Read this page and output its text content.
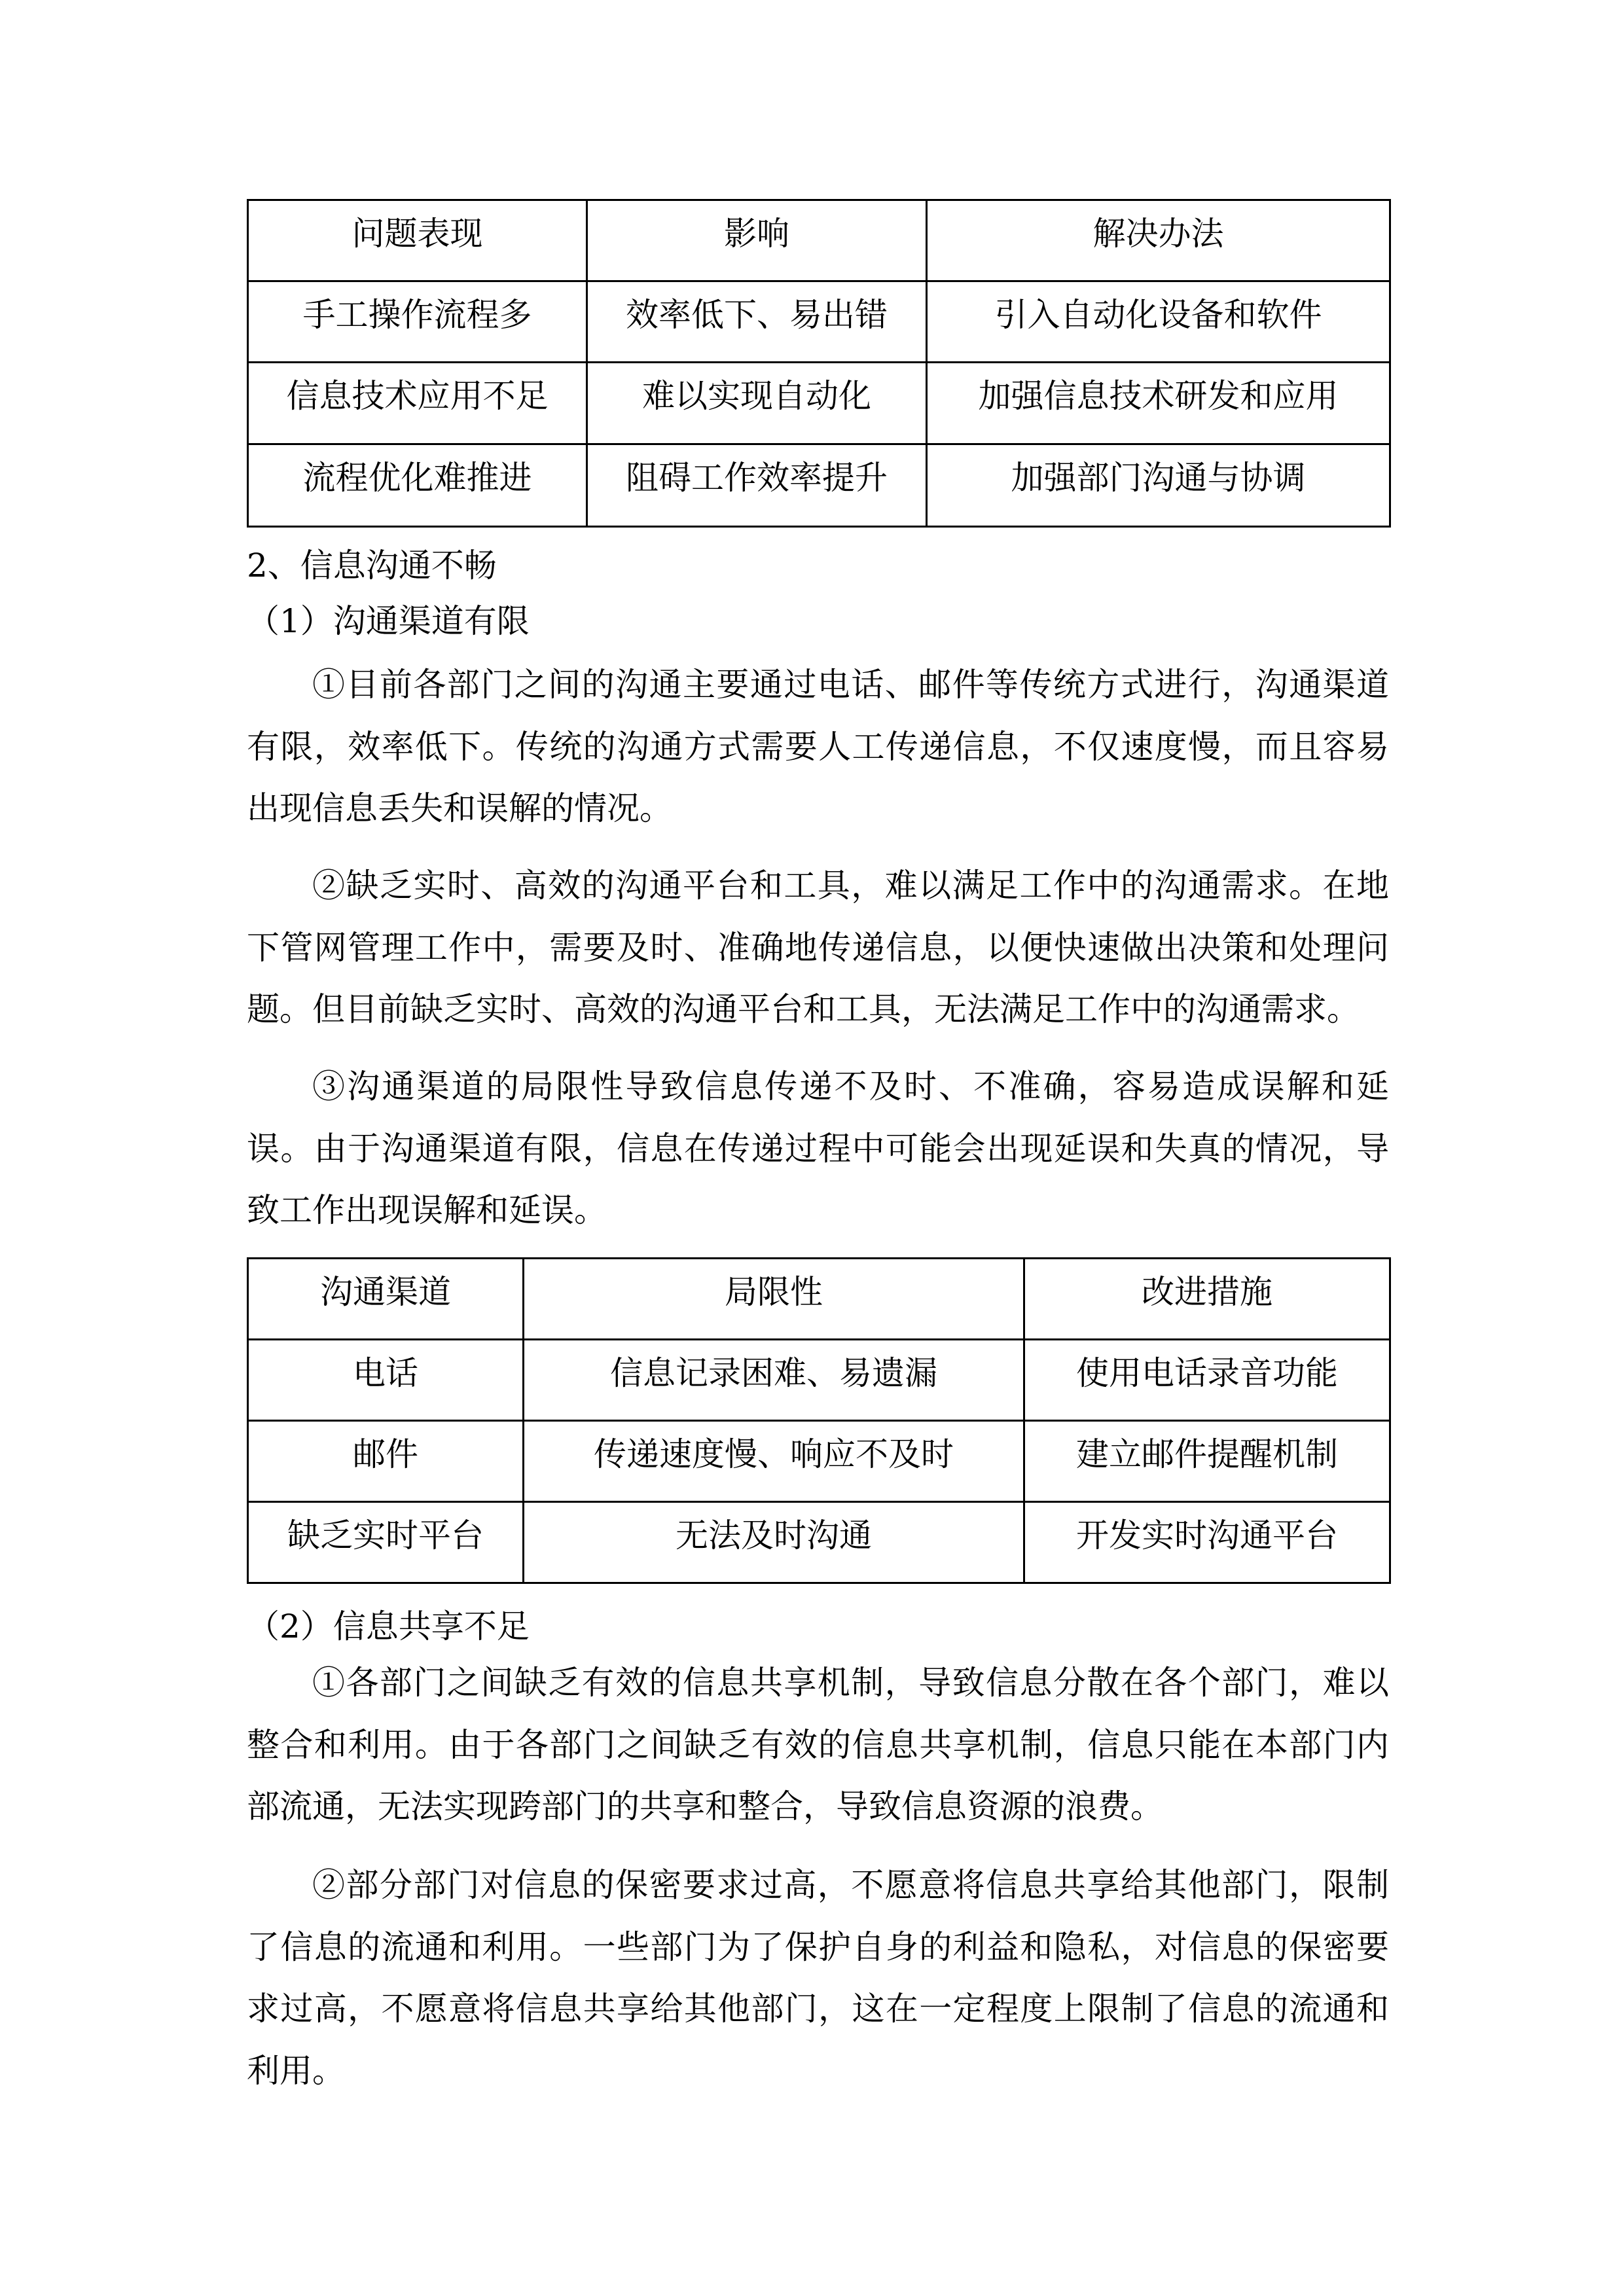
问题表现	影响	解决办法
手工操作流程多	效率低下、易出错	引入自动化设备和软件
信息技术应用不足	难以实现自动化	加强信息技术研发和应用
流程优化难推进	阻碍工作效率提升	加强部门沟通与协调
2、信息沟通不畅
（1）沟通渠道有限
①目前各部门之间的沟通主要通过电话、邮件等传统方式进行，沟通渠道有限，效率低下。传统的沟通方式需要人工传递信息，不仅速度慢，而且容易出现信息丢失和误解的情况。
②缺乏实时、高效的沟通平台和工具，难以满足工作中的沟通需求。在地下管网管理工作中，需要及时、准确地传递信息，以便快速做出决策和处理问题。但目前缺乏实时、高效的沟通平台和工具，无法满足工作中的沟通需求。
③沟通渠道的局限性导致信息传递不及时、不准确，容易造成误解和延误。由于沟通渠道有限，信息在传递过程中可能会出现延误和失真的情况，导致工作出现误解和延误。
沟通渠道	局限性	改进措施
电话	信息记录困难、易遗漏	使用电话录音功能
邮件	传递速度慢、响应不及时	建立邮件提醒机制
缺乏实时平台	无法及时沟通	开发实时沟通平台
（2）信息共享不足
①各部门之间缺乏有效的信息共享机制，导致信息分散在各个部门，难以整合和利用。由于各部门之间缺乏有效的信息共享机制，信息只能在本部门内部流通，无法实现跨部门的共享和整合，导致信息资源的浪费。
②部分部门对信息的保密要求过高，不愿意将信息共享给其他部门，限制了信息的流通和利用。一些部门为了保护自身的利益和隐私，对信息的保密要求过高，不愿意将信息共享给其他部门，这在一定程度上限制了信息的流通和利用。
